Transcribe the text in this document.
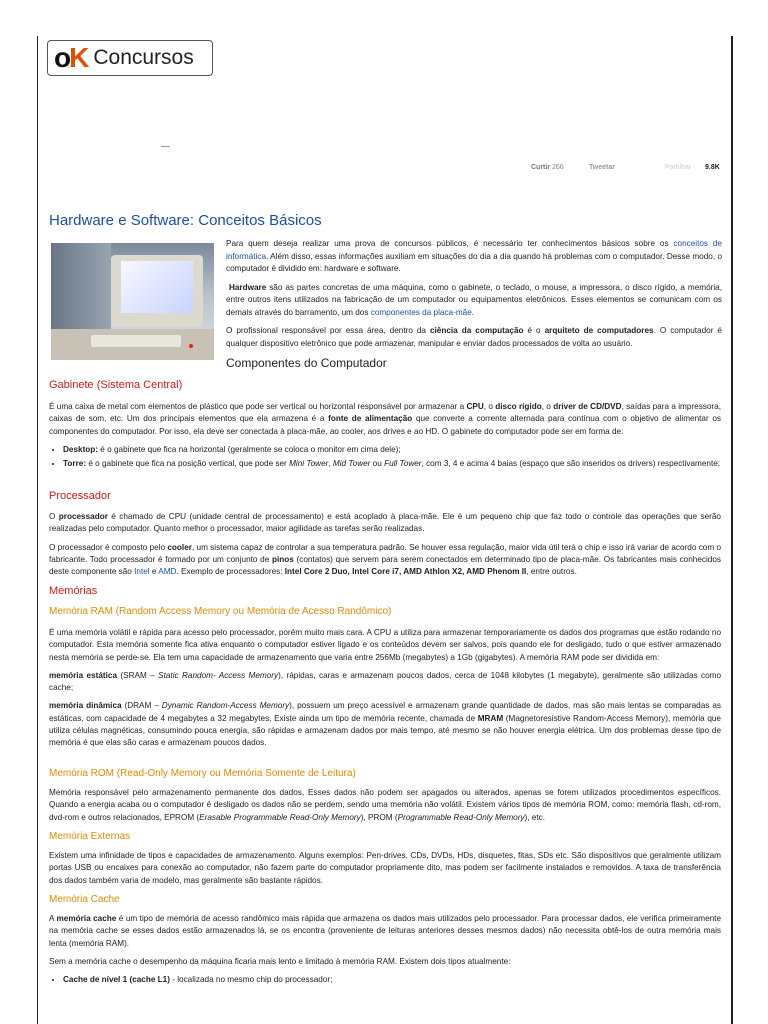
o K Concursos
Curtir 266	Tweetar	Partilhar 9.8K
Hardware e Software: Conceitos Básicos

Para quem deseja realizar uma prova de concursos públicos, é necessário ter conhecimentos básicos sobre os conceitos de informática. Além disso, essas informações auxiliam em situações do dia a dia quando há problemas com o computador. Desse modo, o computador é dividido em: hardware e software.

Hardware são as partes concretas de uma máquina, como o gabinete, o teclado, o mouse, a impressora, o disco rígido, a memória, entre outros itens utilizados na fabricação de um computador ou equipamentos eletrônicos. Esses elementos se comunicam com os demais através do barramento, um dos componentes da placa-mãe.

O profissional responsável por essa área, dentro da ciência da computação é o arquiteto de computadores. O computador é qualquer dispositivo eletrônico que pode armazenar, manipular e enviar dados processados de volta ao usuário.

Componentes do Computador
Gabinete (Sistema Central)

É uma caixa de metal com elementos de plástico que pode ser vertical ou horizontal responsável por armazenar a CPU, o disco rígido, o driver de CD/DVD, saídas para a impressora, caixas de som, etc. Um dos principais elementos que ela armazena é a fonte de alimentação que converte a corrente alternada para contínua com o objetivo de alimentar os componentes do computador. Por isso, ela deve ser conectada à placa-mãe, ao cooler, aos drives e ao HD. O gabinete do computador pode ser em forma de:

• Desktop: é o gabinete que fica na horizontal (geralmente se coloca o monitor em cima dele);
• Torre: é o gabinete que fica na posição vertical, que pode ser Mini Tower, Mid Tower ou Full Tower, com 3, 4 e acima 4 baias (espaço que são inseridos os drivers) respectivamente;
Processador

O processador é chamado de CPU (unidade central de processamento) e está acoplado à placa-mãe. Ele é um pequeno chip que faz todo o controle das operações que serão realizadas pelo computador. Quanto melhor o processador, maior agilidade as tarefas serão realizadas.

O processador é composto pelo cooler, um sistema capaz de controlar a sua temperatura padrão. Se houver essa regulação, maior vida útil terá o chip e isso irá variar de acordo com o fabricante. Todo processador é formado por um conjunto de pinos (contatos) que servem para serem conectados em determinado tipo de placa-mãe. Os fabricantes mais conhecidos deste componente são Intel e AMD. Exemplo de processadores: Intel Core 2 Duo, Intel Core i7, AMD Athlon X2, AMD Phenom II, entre outros.

Memórias
Memória RAM (Random Access Memory ou Memória de Acesso Randômico)

É uma memória volátil e rápida para acesso pelo processador, porém muito mais cara. A CPU a utiliza para armazenar temporariamente os dados dos programas que estão rodando no computador. Esta memória somente fica ativa enquanto o computador estiver ligado e os conteúdos devem ser salvos, pois quando ele for desligado, tudo o que estiver armazenado nesta memória se perde-se. Ela tem uma capacidade de armazenamento que varia entre 256Mb (megabytes) a 1Gb (gigabytes). A memória RAM pode ser dividida em:

memória estática (SRAM – Static Random- Access Memory), rápidas, caras e armazenam poucos dados, cerca de 1048 kilobytes (1 megabyte), geralmente são utilizadas como cache;

memória dinâmica (DRAM – Dynamic Random-Access Memory), possuem um preço acessível e armazenam grande quantidade de dados, mas são mais lentas se comparadas as estáticas, com capacidade de 4 megabytes a 32 megabytes. Existe ainda um tipo de memória recente, chamada de MRAM (Magnetoresistive Random-Access Memory), memória que utiliza células magnéticas, consumindo pouca energia, são rápidas e armazenam dados por mais tempo, até mesmo se não houver energia elétrica. Um dos problemas desse tipo de memória é que elas são caras e armazenam poucos dados.

Memória ROM (Read-Only Memory ou Memória Somente de Leitura)

Memória responsável pelo armazenamento permanente dos dados, Esses dados não podem ser apagados ou alterados, apenas se forem utilizados procedimentos específicos. Quando a energia acaba ou o computador é desligado os dados não se perdem, sendo uma memória não volátil. Existem vários tipos de memória ROM, como: memória flash, cd-rom, dvd-rom e outros relacionados, EPROM (Erasable Programmable Read-Only Memory), PROM (Programmable Read-Only Memory), etc.

Memória Externas

Existem uma infinidade de tipos e capacidades de armazenamento. Alguns exemplos: Pen-drives, CDs, DVDs, HDs, disquetes, fitas, SDs etc. São dispositivos que geralmente utilizam portas USB ou encaixes para conexão ao computador, não fazem parte do computador propriamente dito, mas podem ser facilmente instalados e removidos. A taxa de transferência dos dados também varia de modelo, mas geralmente são bastante rápidos.

Memória Cache

A memória cache é um tipo de memória de acesso randômico mais rápida que armazena os dados mais utilizados pelo processador. Para processar dados, ele verifica primeiramente na memória cache se esses dados estão armazenados lá, se os encontra (proveniente de leituras anteriores desses mesmos dados) não necessita obtê-los de outra memória mais lenta (memória RAM).

Sem a memória cache o desempenho da máquina ficaria mais lento e limitado à memória RAM. Existem dois tipos atualmente:

• Cache de nível 1 (cache L1) - localizada no mesmo chip do processador;
